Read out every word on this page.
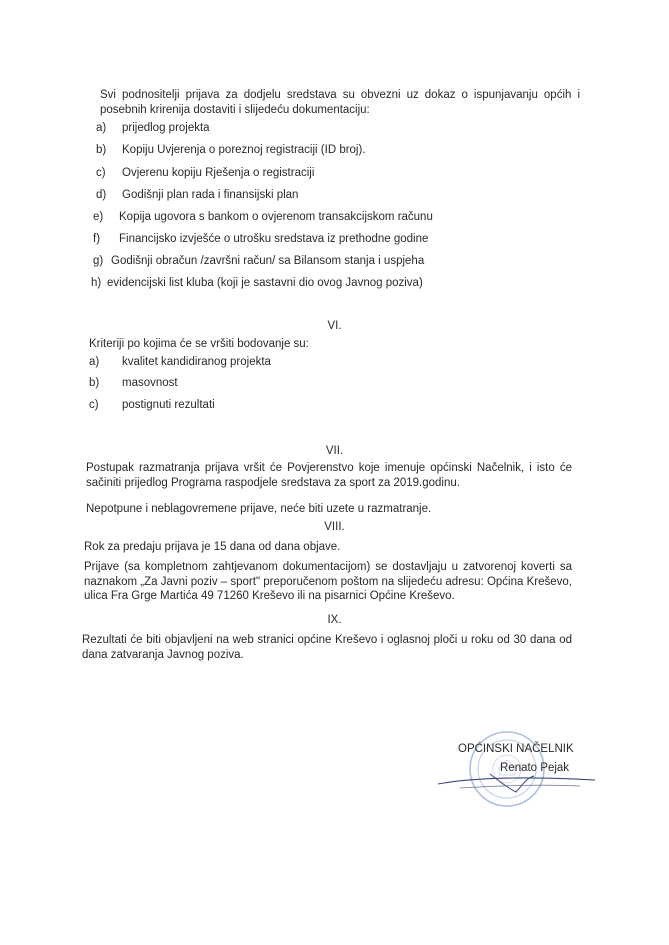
Svi podnositelji prijava za dodjelu sredstava su obvezni uz dokaz o ispunjavanju općih i posebnih krirenija dostaviti i slijedeću dokumentaciju:
a) prijedlog projekta
b) Kopiju Uvjerenja o poreznoj registraciji (ID broj).
c) Ovjerenu kopiju Rješenja o registraciji
d) Godišnji plan rada i finansijski plan
e) Kopija ugovora s bankom o ovjerenom transakcijskom računu
f) Financijsko izvješće o utrošku sredstava iz prethodne godine
g) Godišnji obračun /završni račun/ sa Bilansom stanja i uspjeha
h) evidencijski list kluba (koji je sastavni dio ovog Javnog poziva)
VI.
Kriteriji po kojima će se vršiti bodovanje su:
a) kvalitet kandidiranog projekta
b) masovnost
c) postignuti rezultati
VII.
Postupak razmatranja prijava vršit će Povjerenstvo koje imenuje općinski Načelnik, i isto će sačiniti prijedlog Programa raspodjele sredstava za sport za 2019.godinu.
Nepotpune i neblagovremene prijave, neće biti uzete u razmatranje.
VIII.
Rok za predaju prijava je 15 dana od dana objave.
Prijave (sa kompletnom zahtjevanom dokumentacijom) se dostavljaju u zatvorenoj koverti sa naznakom „Za Javni poziv – sport" preporučenom poštom na slijedeću adresu: Općina Kreševo, ulica Fra Grge Martića 49 71260 Kreševo ili na pisarnici Općine Kreševo.
IX.
Rezultati će biti objavljeni na web stranici općine Kreševo i oglasnoj ploči u roku od 30 dana od dana zatvaranja Javnog poziva.
OPĆINSKI NAČELNIK
Renato Pejak
